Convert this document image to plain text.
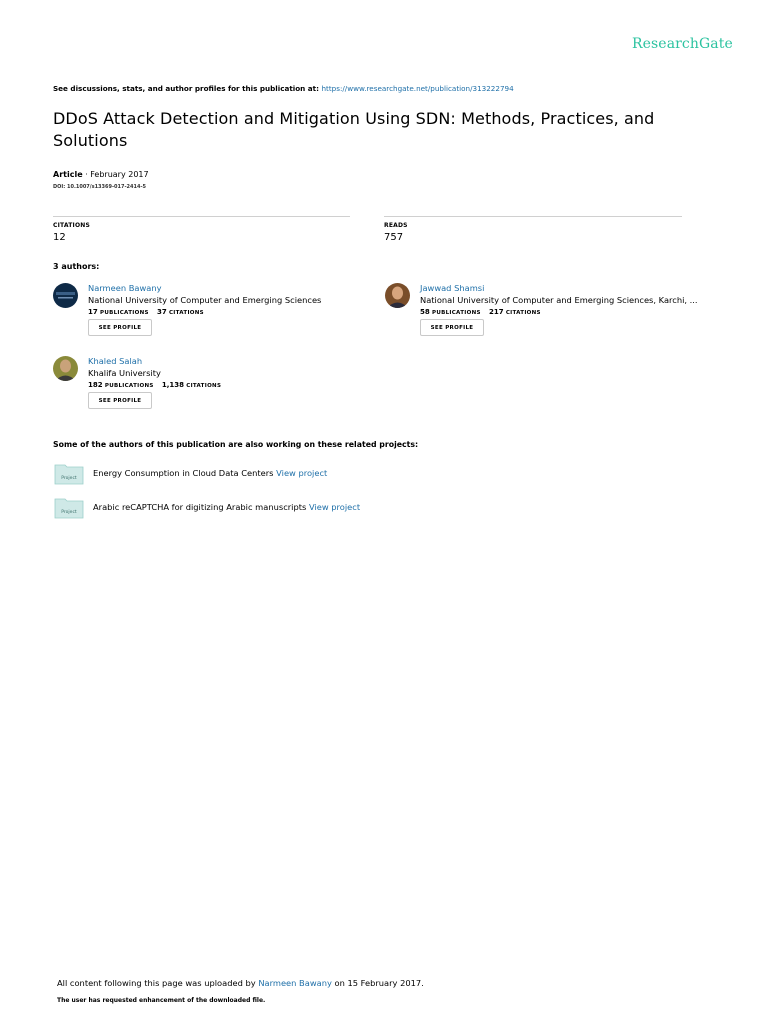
ResearchGate
See discussions, stats, and author profiles for this publication at: https://www.researchgate.net/publication/313222794
DDoS Attack Detection and Mitigation Using SDN: Methods, Practices, and Solutions
Article · February 2017
DOI: 10.1007/s13369-017-2414-5
CITATIONS
12
READS
757
3 authors:
Narmeen Bawany
National University of Computer and Emerging Sciences
17 PUBLICATIONS 37 CITATIONS
SEE PROFILE
Jawwad Shamsi
National University of Computer and Emerging Sciences, Karchi, ...
58 PUBLICATIONS 217 CITATIONS
SEE PROFILE
Khaled Salah
Khalifa University
182 PUBLICATIONS 1,138 CITATIONS
SEE PROFILE
Some of the authors of this publication are also working on these related projects:
Project
Energy Consumption in Cloud Data Centers View project
Project
Arabic reCAPTCHA for digitizing Arabic manuscripts View project
All content following this page was uploaded by Narmeen Bawany on 15 February 2017.
The user has requested enhancement of the downloaded file.
